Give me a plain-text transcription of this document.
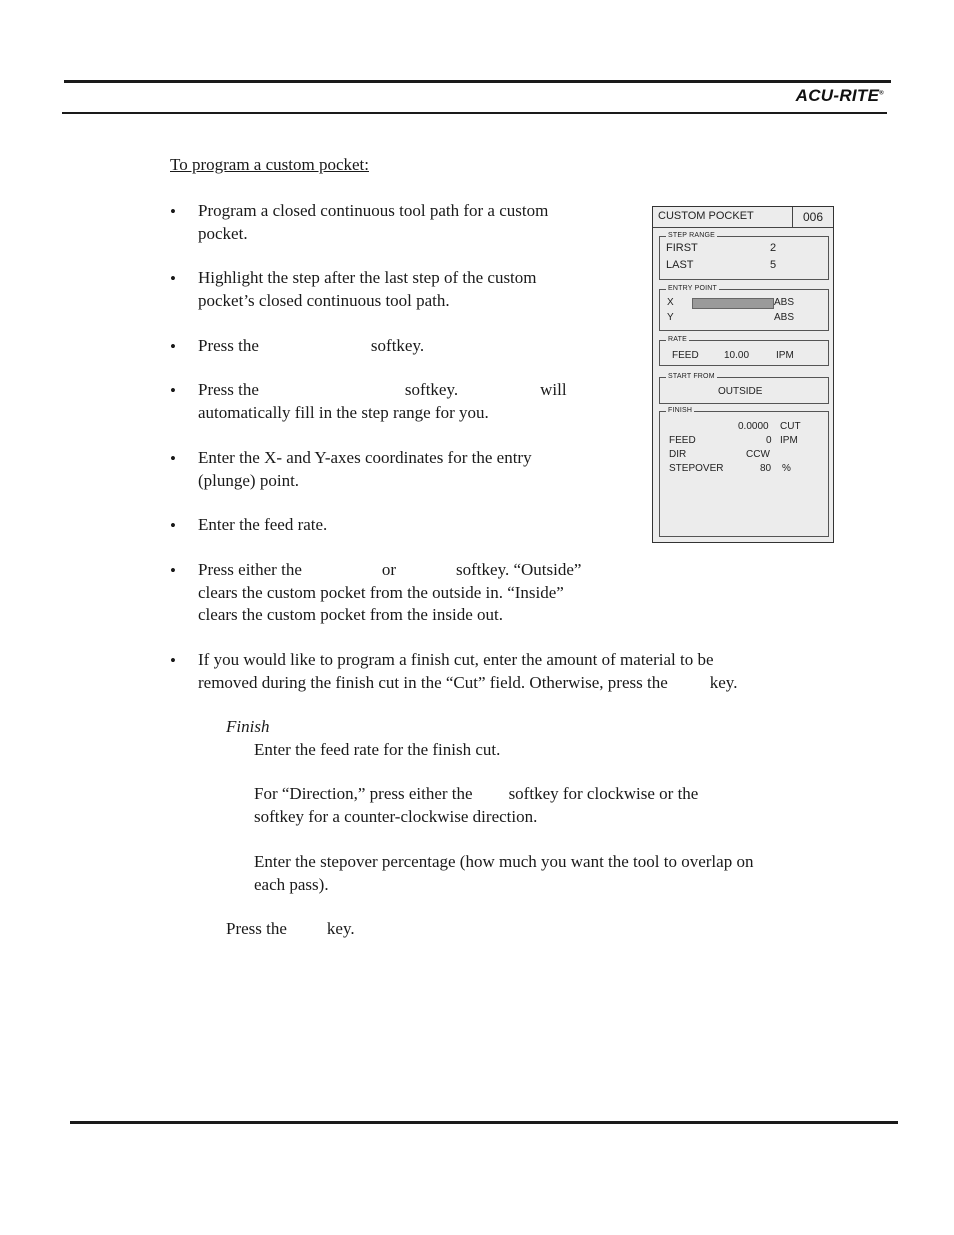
ACU-RITE®
To program a custom pocket:
• Program a closed continuous tool path for a custom
pocket.
• Highlight the step after the last step of the custom
pocket’s closed continuous tool path.
• Press the	softkey.
• Press the	softkey.	will
automatically fill in the step range for you.
• Enter the X- and Y-axes coordinates for the entry
(plunge) point.
• Enter the feed rate.
• Press either the	or	softkey. “Outside”
clears the custom pocket from the outside in. “Inside”
clears the custom pocket from the inside out.
• If you would like to program a finish cut, enter the amount of material to be
removed during the finish cut in the “Cut” field. Otherwise, press the key.
Finish
Enter the feed rate for the finish cut.
For “Direction,” press either the softkey for clockwise or the
softkey for a counter-clockwise direction.
Enter the stepover percentage (how much you want the tool to overlap on
each pass).
Press the key.
CUSTOM POCKET	006
STEP RANGE
FIRST	2
LAST	5
ENTRY POINT
X	ABS
Y	ABS
RATE
FEED	10.00	IPM
START FROM
OUTSIDE
FINISH
0.0000 CUT
FEED	0 IPM
DIR	CCW
STEPOVER	80 %
